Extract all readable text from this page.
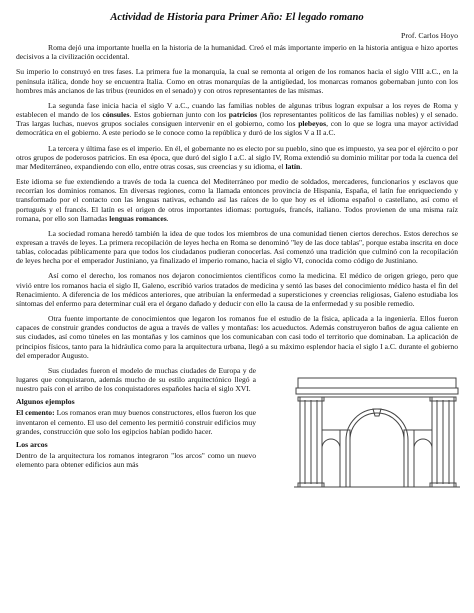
Actividad de Historia para Primer Año: El legado romano
Prof. Carlos Hoyo

Roma dejó una importante huella en la historia de la humanidad. Creó el más importante imperio en la historia antigua e hizo aportes decisivos a la civilización occidental.

Su imperio lo construyó en tres fases. La primera fue la monarquía, la cual se remonta al origen de los romanos hacia el siglo VIII a.C., en la península itálica, donde hoy se encuentra Italia. Como en otras monarquías de la antigüedad, los monarcas romanos gobernaban junto con los hombres más ancianos de las tribus (reunidos en el senado) y con otros representantes de las mismas.

La segunda fase inicia hacia el siglo V a.C., cuando las familias nobles de algunas tribus logran expulsar a los reyes de Roma y establecen el mando de los cónsules. Estos gobiernan junto con los patricios (los representantes políticos de las familias nobles) y el senado. Tras largas luchas, nuevos grupos sociales consiguen intervenir en el gobierno, como los plebeyos, con lo que se logra una mayor actividad democrática en el gobierno. A este periodo se le conoce como la república y duró de los siglos V a II a.C.

La tercera y última fase es el imperio. En él, el gobernante no es electo por su pueblo, sino que es impuesto, ya sea por el ejército o por otros grupos de poderosos patricios. En esa época, que duró del siglo I a.C. al siglo IV, Roma extendió su dominio militar por toda la cuenca del mar Mediterráneo, expandiendo con ello, entre otras cosas, sus creencias y su idioma, el latín.

Este idioma se fue extendiendo a través de toda la cuenca del Mediterráneo por medio de soldados, mercaderes, funcionarios y esclavos que recorrían los dominios romanos. En diversas regiones, como la llamada entonces provincia de Hispania, España, el latín fue enriqueciendo y transformado por el contacto con las lenguas nativas, echando así las raíces de lo que hoy es el idioma español o castellano, así como el portugués y el francés. El latín es el origen de otros importantes idiomas: portugués, francés, italiano. Todos provienen de una misma raíz romana, por ello son llamadas lenguas romances.

La sociedad romana heredó también la idea de que todos los miembros de una comunidad tienen ciertos derechos. Estos derechos se expresan a través de leyes. La primera recopilación de leyes hecha en Roma se denominó "ley de las doce tablas", porque estaba inscrita en doce tablas, colocadas públicamente para que todos los ciudadanos pudieran conocerlas. Así comenzó una tradición que culminó con la recopilación de leyes hecha por el emperador Justiniano, ya finalizado el imperio romano, hacia el siglo VI, conocida como código de Justiniano.

Así como el derecho, los romanos nos dejaron conocimientos científicos como la medicina. El médico de origen griego, pero que vivió entre los romanos hacia el siglo II, Galeno, escribió varios tratados de medicina y sentó las bases del conocimiento médico hasta el fin del Renacimiento. A diferencia de los médicos anteriores, que atribuían la enfermedad a supersticiones y creencias religiosas, Galeno estudiaba los síntomas del enfermo para determinar cuál era el órgano dañado y deducir con ello la causa de la enfermedad y su posible remedio.

Otra fuente importante de conocimientos que legaron los romanos fue el estudio de la física, aplicada a la ingeniería. Ellos fueron capaces de construir grandes conductos de agua a través de valles y montañas: los acueductos. Además construyeron baños de agua caliente en sus ciudades, así como túneles en las montañas y los caminos que los comunicaban con casi todo el territorio que dominaban. La aplicación de principios físicos, tanto para la hidráulica como para la arquitectura urbana, llegó a su máximo esplendor hacia el siglo I a.C. durante el gobierno del emperador Augusto.

Sus ciudades fueron el modelo de muchas ciudades de Europa y de lugares que conquistaron, además mucho de su estilo arquitectónico llegó a nuestro país con el arribo de los conquistadores españoles hacia el siglo XVI.

Algunos ejemplos

El cemento: Los romanos eran muy buenos constructores, ellos fueron los que inventaron el cemento. El uso del cemento les permitió construir edificios muy grandes, construcción que solo los egipcios habían podido hacer.

Los arcos

Dentro de la arquitectura los romanos integraron "los arcos" como un nuevo elemento para obtener edificios aun más
